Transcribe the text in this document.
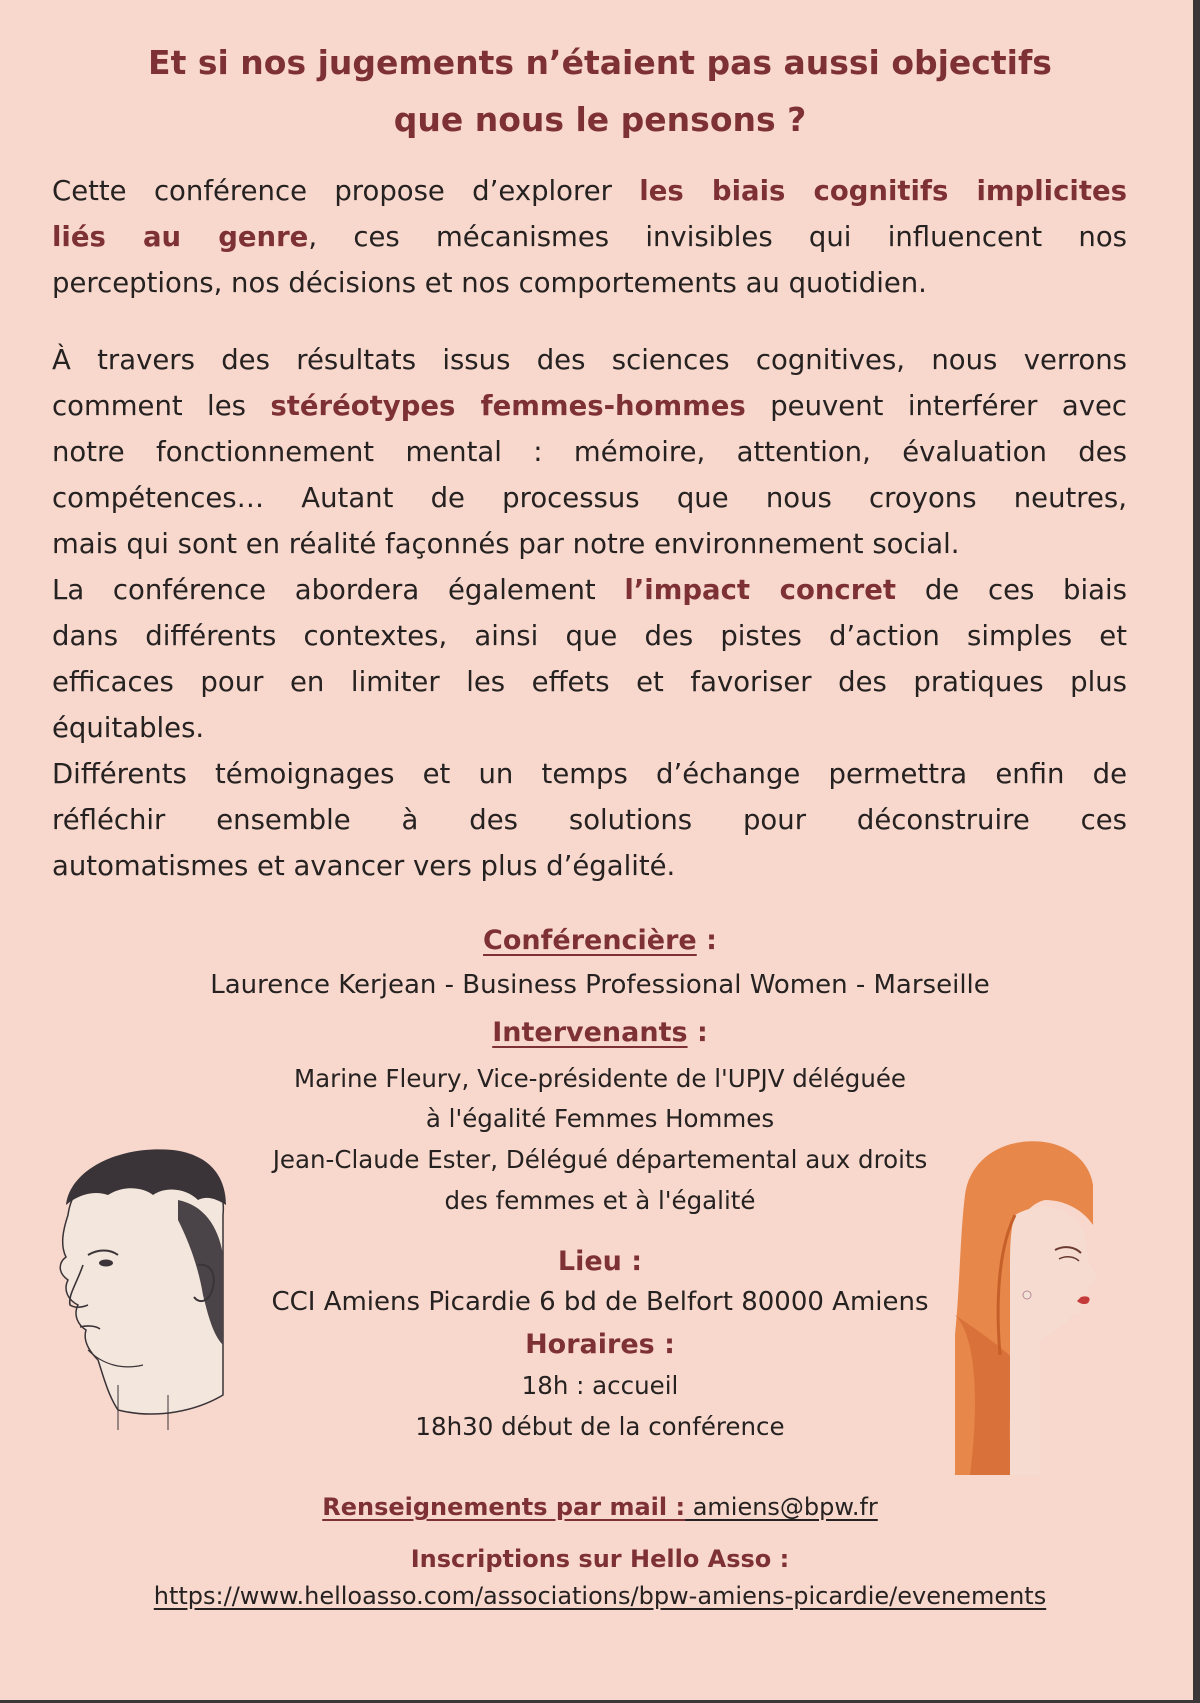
Et si nos jugements n’étaient pas aussi objectifs
que nous le pensons ?
Cette conférence propose d’explorer les biais cognitifs implicites
liés au genre, ces mécanismes invisibles qui influencent nos
perceptions, nos décisions et nos comportements au quotidien.
À travers des résultats issus des sciences cognitives, nous verrons
comment les stéréotypes femmes-hommes peuvent interférer avec
notre fonctionnement mental : mémoire, attention, évaluation des
compétences… Autant de processus que nous croyons neutres,
mais qui sont en réalité façonnés par notre environnement social.
La conférence abordera également l’impact concret de ces biais
dans différents contextes, ainsi que des pistes d’action simples et
efficaces pour en limiter les effets et favoriser des pratiques plus
équitables.
Différents témoignages et un temps d’échange permettra enfin de
réfléchir ensemble à des solutions pour déconstruire ces
automatismes et avancer vers plus d’égalité.
Conférencière :
Laurence Kerjean - Business Professional Women - Marseille
Intervenants :
Marine Fleury, Vice-présidente de l'UPJV déléguée
à l'égalité Femmes Hommes
Jean-Claude Ester, Délégué départemental aux droits
des femmes et à l'égalité
Lieu :
CCI Amiens Picardie 6 bd de Belfort 80000 Amiens
Horaires :
18h : accueil
18h30 début de la conférence
Renseignements par mail : amiens@bpw.fr
Inscriptions sur Hello Asso :
https://www.helloasso.com/associations/bpw-amiens-picardie/evenements
